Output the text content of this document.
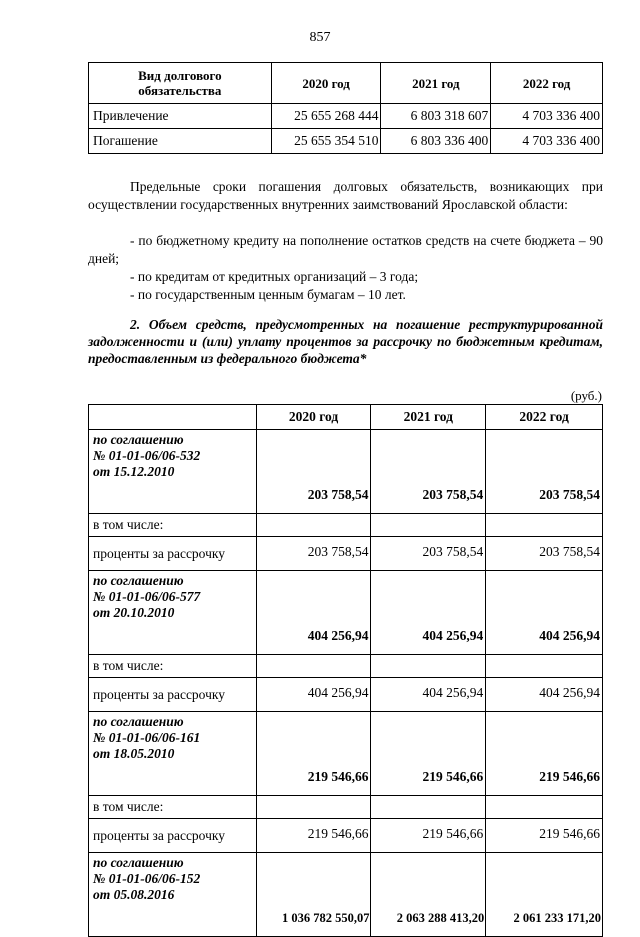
857
Вид долгового
обязательства	2020 год	2021 год	2022 год
Привлечение	25 655 268 444	6 803 318 607	4 703 336 400
Погашение	25 655 354 510	6 803 336 400	4 703 336 400
Предельные сроки погашения долговых обязательств, возникающих при осуществлении государственных внутренних заимствований Ярославской области:
- по бюджетному кредиту на пополнение остатков средств на счете бюджета – 90 дней;
- по кредитам от кредитных организаций – 3 года;
- по государственным ценным бумагам – 10 лет.
2. Объем средств, предусмотренных на погашение реструктурированной задолженности и (или) уплату процентов за рассрочку по бюджетным кредитам, предоставленным из федерального бюджета*
(руб.)
	2020 год	2021 год	2022 год

по соглашению
№ 01-01-06/06-532
от 15.12.2010	203 758,54	203 758,54	203 758,54
в том числе:			
проценты за рассрочку	203 758,54	203 758,54	203 758,54

по соглашению
№ 01-01-06/06-577
от 20.10.2010	404 256,94	404 256,94	404 256,94
в том числе:			
проценты за рассрочку	404 256,94	404 256,94	404 256,94

по соглашению
№ 01-01-06/06-161
от 18.05.2010	219 546,66	219 546,66	219 546,66
в том числе:			
проценты за рассрочку	219 546,66	219 546,66	219 546,66

по соглашению
№ 01-01-06/06-152
от 05.08.2016	1 036 782 550,07	2 063 288 413,20	2 061 233 171,20
